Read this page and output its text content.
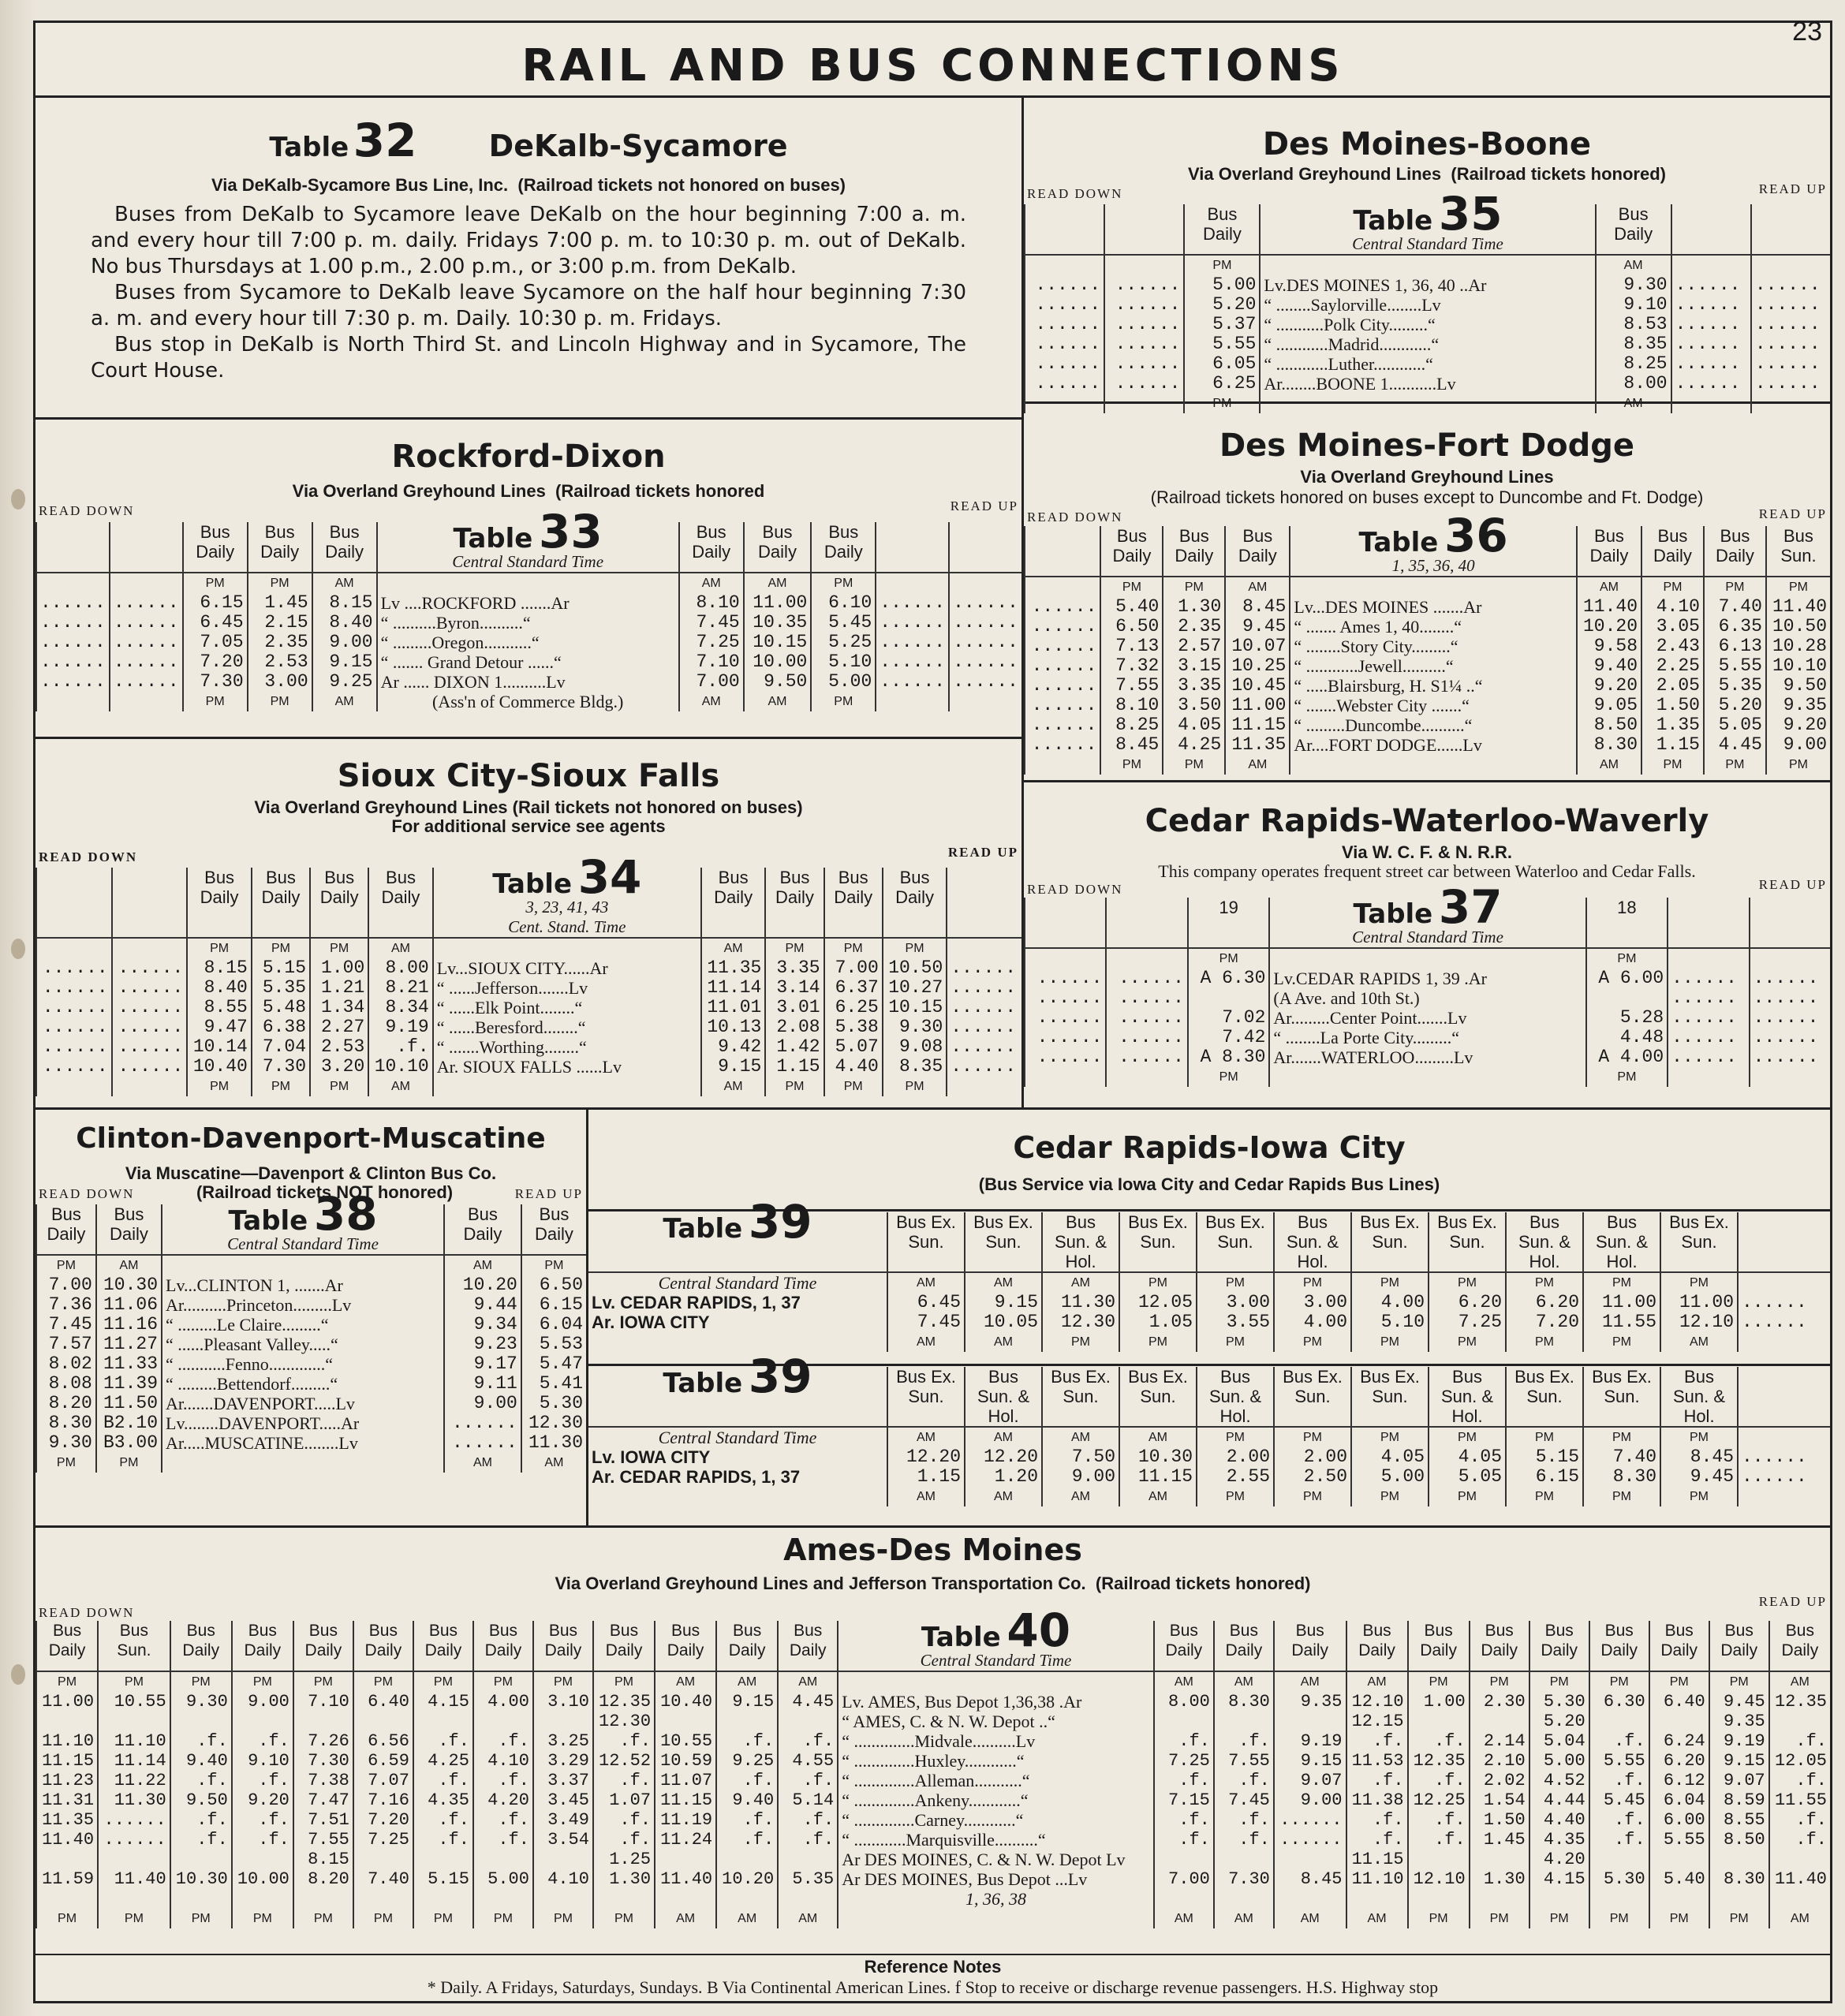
23
RAIL AND BUS CONNECTIONS
Table 32 DeKalb-Sycamore
Via DeKalb-Sycamore Bus Line, Inc. (Railroad tickets not honored on buses)
Buses from DeKalb to Sycamore leave DeKalb on the hour beginning 7:00 a. m. and every hour till 7:00 p. m. daily. Fridays 7:00 p. m. to 10:30 p. m. out of DeKalb. No bus Thursdays at 1.00 p.m., 2.00 p.m., or 3:00 p.m. from DeKalb.
Buses from Sycamore to DeKalb leave Sycamore on the half hour beginning 7:30 a. m. and every hour till 7:30 p. m. Daily. 10:30 p. m. Fridays.
Bus stop in DeKalb is North Third St. and Lincoln Highway and in Sycamore, The Court House.
Des Moines-Boone
Via Overland Greyhound Lines (Railroad tickets honored)
READ DOWN	READ UP
		Bus Daily	Table 35
Central Standard Time	Bus Daily		
		PM		AM		
......	......	5.00	Lv.DES MOINES 1, 36, 40 ..Ar	9.30	......	......
......	......	5.20	“ ........Saylorville........Lv	9.10	......	......
......	......	5.37	“ ...........Polk City.........“	8.53	......	......
......	......	5.55	“ ............Madrid............“	8.35	......	......
......	......	6.05	“ ............Luther............“	8.25	......	......
......	......	6.25	Ar........BOONE 1...........Lv	8.00	......	......
		PM		AM		
Rockford-Dixon
Via Overland Greyhound Lines (Railroad tickets honored
READ DOWN	READ UP
		Bus Daily	Bus Daily	Bus Daily	Table 33
Central Standard Time	Bus Daily	Bus Daily	Bus Daily		
		PM	PM	AM		AM	AM	PM		
......	......	6.15	1.45	8.15	Lv ....ROCKFORD .......Ar	8.10	11.00	6.10	......	......
......	......	6.45	2.15	8.40	“ ..........Byron..........“	7.45	10.35	5.45	......	......
......	......	7.05	2.35	9.00	“ .........Oregon...........“	7.25	10.15	5.25	......	......
......	......	7.20	2.53	9.15	“ ....... Grand Detour ......“	7.10	10.00	5.10	......	......
......	......	7.30	3.00	9.25	Ar ...... DIXON 1..........Lv	7.00	9.50	5.00	......	......
		PM	PM	AM	(Ass'n of Commerce Bldg.)	AM	AM	PM		
Des Moines-Fort Dodge
Via Overland Greyhound Lines
(Railroad tickets honored on buses except to Duncombe and Ft. Dodge)
READ DOWN	READ UP
	Bus Daily	Bus Daily	Bus Daily	Table 36
1, 35, 36, 40	Bus Daily	Bus Daily	Bus Daily	Bus Sun.
	PM	PM	AM		AM	PM	PM	PM
......	5.40	1.30	8.45	Lv...DES MOINES .......Ar	11.40	4.10	7.40	11.40
......	6.50	2.35	9.45	“ ....... Ames 1, 40........“	10.20	3.05	6.35	10.50
......	7.13	2.57	10.07	“ ........Story City.........“	9.58	2.43	6.13	10.28
......	7.32	3.15	10.25	“ ............Jewell..........“	9.40	2.25	5.55	10.10
......	7.55	3.35	10.45	“ .....Blairsburg, H. S1¼ ..“	9.20	2.05	5.35	9.50
......	8.10	3.50	11.00	“ .......Webster City .......“	9.05	1.50	5.20	9.35
......	8.25	4.05	11.15	“ .........Duncombe..........“	8.50	1.35	5.05	9.20
......	8.45	4.25	11.35	Ar....FORT DODGE......Lv	8.30	1.15	4.45	9.00
	PM	PM	AM		AM	PM	PM	PM
Sioux City-Sioux Falls
Via Overland Greyhound Lines (Rail tickets not honored on buses)
For additional service see agents
READ DOWN	READ UP
		Bus Daily	Bus Daily	Bus Daily	Bus Daily	Table 34
3, 23, 41, 43
Cent. Stand. Time	Bus Daily	Bus Daily	Bus Daily	Bus Daily	
		PM	PM	PM	AM		AM	PM	PM	PM	
......	......	8.15	5.15	1.00	8.00	Lv...SIOUX CITY......Ar	11.35	3.35	7.00	10.50	......
......	......	8.40	5.35	1.21	8.21	“ ......Jefferson.......Lv	11.14	3.14	6.37	10.27	......
......	......	8.55	5.48	1.34	8.34	“ ......Elk Point........“	11.01	3.01	6.25	10.15	......
......	......	9.47	6.38	2.27	9.19	“ ......Beresford........“	10.13	2.08	5.38	9.30	......
......	......	10.14	7.04	2.53	.f.	“ .......Worthing........“	9.42	1.42	5.07	9.08	......
......	......	10.40	7.30	3.20	10.10	Ar. SIOUX FALLS ......Lv	9.15	1.15	4.40	8.35	......
		PM	PM	PM	AM		AM	PM	PM	PM	
Cedar Rapids-Waterloo-Waverly
Via W. C. F. & N. R.R.
This company operates frequent street car between Waterloo and Cedar Falls.
READ DOWN	READ UP
		19	Table 37
Central Standard Time	18		
		PM		PM		
......	......	A 6.30	Lv.CEDAR RAPIDS 1, 39 .Ar	A 6.00	......	......
......	......		(A Ave. and 10th St.)		......	......
......	......	7.02	Ar.........Center Point.......Lv	5.28	......	......
......	......	7.42	“ ........La Porte City.........“	4.48	......	......
......	......	A 8.30	Ar.......WATERLOO.........Lv	A 4.00	......	......
		PM		PM		
Clinton-Davenport-Muscatine
Via Muscatine—Davenport & Clinton Bus Co.
READ DOWN	(Railroad tickets NOT honored)	READ UP
Bus Daily	Bus Daily	Table 38
Central Standard Time	Bus Daily	Bus Daily
PM	AM		AM	PM
7.00	10.30	Lv...CLINTON 1, .......Ar	10.20	6.50
7.36	11.06	Ar..........Princeton.........Lv	9.44	6.15
7.45	11.16	“ .........Le Claire.........“	9.34	6.04
7.57	11.27	“ ......Pleasant Valley.....“	9.23	5.53
8.02	11.33	“ ...........Fenno.............“	9.17	5.47
8.08	11.39	“ .........Bettendorf.........“	9.11	5.41
8.20	11.50	Ar.......DAVENPORT.....Lv	9.00	5.30
8.30	B2.10	Lv........DAVENPORT.....Ar	......	12.30
9.30	B3.00	Ar.....MUSCATINE........Lv	......	11.30
PM	PM		AM	AM
Cedar Rapids-Iowa City
(Bus Service via Iowa City and Cedar Rapids Bus Lines)
Table 39	Bus Ex. Sun.	Bus Ex. Sun.	Bus Sun. & Hol.	Bus Ex. Sun.	Bus Ex. Sun.	Bus Sun. & Hol.	Bus Ex. Sun.	Bus Ex. Sun.	Bus Sun. & Hol.	Bus Sun. & Hol.	Bus Ex. Sun.	
Central Standard Time	AM	AM	AM	PM	PM	PM	PM	PM	PM	PM	PM	
Lv. CEDAR RAPIDS, 1, 37	6.45	9.15	11.30	12.05	3.00	3.00	4.00	6.20	6.20	11.00	11.00	......
Ar. IOWA CITY	7.45	10.05	12.30	1.05	3.55	4.00	5.10	7.25	7.20	11.55	12.10	......
	AM	AM	PM	PM	PM	PM	PM	PM	PM	PM	AM	
Table 39	Bus Ex. Sun.	Bus Sun. & Hol.	Bus Ex. Sun.	Bus Ex. Sun.	Bus Sun. & Hol.	Bus Ex. Sun.	Bus Ex. Sun.	Bus Sun. & Hol.	Bus Ex. Sun.	Bus Ex. Sun.	Bus Sun. & Hol.	
Central Standard Time	AM	AM	AM	AM	PM	PM	PM	PM	PM	PM	PM	
Lv. IOWA CITY	12.20	12.20	7.50	10.30	2.00	2.00	4.05	4.05	5.15	7.40	8.45	......
Ar. CEDAR RAPIDS, 1, 37	1.15	1.20	9.00	11.15	2.55	2.50	5.00	5.05	6.15	8.30	9.45	......
	AM	AM	AM	AM	PM	PM	PM	PM	PM	PM	PM	
Ames-Des Moines
Via Overland Greyhound Lines and Jefferson Transportation Co. (Railroad tickets honored)
READ DOWN
READ UP
Bus Daily	Bus Sun.	Bus Daily	Bus Daily	Bus Daily	Bus Daily	Bus Daily	Bus Daily	Bus Daily	Bus Daily	Bus Daily	Bus Daily	Bus Daily	Table 40
Central Standard Time	Bus Daily	Bus Daily	Bus Daily	Bus Daily	Bus Daily	Bus Daily	Bus Daily	Bus Daily	Bus Daily	Bus Daily	Bus Daily
PM	PM	PM	PM	PM	PM	PM	PM	PM	PM	AM	AM	AM		AM	AM	AM	AM	PM	PM	PM	PM	PM	PM	AM
11.00	10.55	9.30	9.00	7.10	6.40	4.15	4.00	3.10	12.35	10.40	9.15	4.45	Lv. AMES, Bus Depot 1,36,38 .Ar	8.00	8.30	9.35	12.10	1.00	2.30	5.30	6.30	6.40	9.45	12.35
									12.30				“ AMES, C. & N. W. Depot ..“				12.15			5.20			9.35	
11.10	11.10	.f.	.f.	7.26	6.56	.f.	.f.	3.25	.f.	10.55	.f.	.f.	“ ..............Midvale..........Lv	.f.	.f.	9.19	.f.	.f.	2.14	5.04	.f.	6.24	9.19	.f.
11.15	11.14	9.40	9.10	7.30	6.59	4.25	4.10	3.29	12.52	10.59	9.25	4.55	“ ..............Huxley............“	7.25	7.55	9.15	11.53	12.35	2.10	5.00	5.55	6.20	9.15	12.05
11.23	11.22	.f.	.f.	7.38	7.07	.f.	.f.	3.37	.f.	11.07	.f.	.f.	“ ..............Alleman...........“	.f.	.f.	9.07	.f.	.f.	2.02	4.52	.f.	6.12	9.07	.f.
11.31	11.30	9.50	9.20	7.47	7.16	4.35	4.20	3.45	1.07	11.15	9.40	5.14	“ ..............Ankeny............“	7.15	7.45	9.00	11.38	12.25	1.54	4.44	5.45	6.04	8.59	11.55
11.35	......	.f.	.f.	7.51	7.20	.f.	.f.	3.49	.f.	11.19	.f.	.f.	“ ..............Carney............“	.f.	.f.	......	.f.	.f.	1.50	4.40	.f.	6.00	8.55	.f.
11.40	......	.f.	.f.	7.55	7.25	.f.	.f.	3.54	.f.	11.24	.f.	.f.	“ ............Marquisville..........“	.f.	.f.	......	.f.	.f.	1.45	4.35	.f.	5.55	8.50	.f.
				8.15					1.25				Ar DES MOINES, C. & N. W. Depot Lv				11.15			4.20				
11.59	11.40	10.30	10.00	8.20	7.40	5.15	5.00	4.10	1.30	11.40	10.20	5.35	Ar DES MOINES, Bus Depot ...Lv	7.00	7.30	8.45	11.10	12.10	1.30	4.15	5.30	5.40	8.30	11.40
													1, 36, 38											
PM	PM	PM	PM	PM	PM	PM	PM	PM	PM	AM	AM	AM		AM	AM	AM	AM	PM	PM	PM	PM	PM	PM	AM
Reference Notes
* Daily. A Fridays, Saturdays, Sundays. B Via Continental American Lines. f Stop to receive or discharge revenue passengers. H.S. Highway stop
